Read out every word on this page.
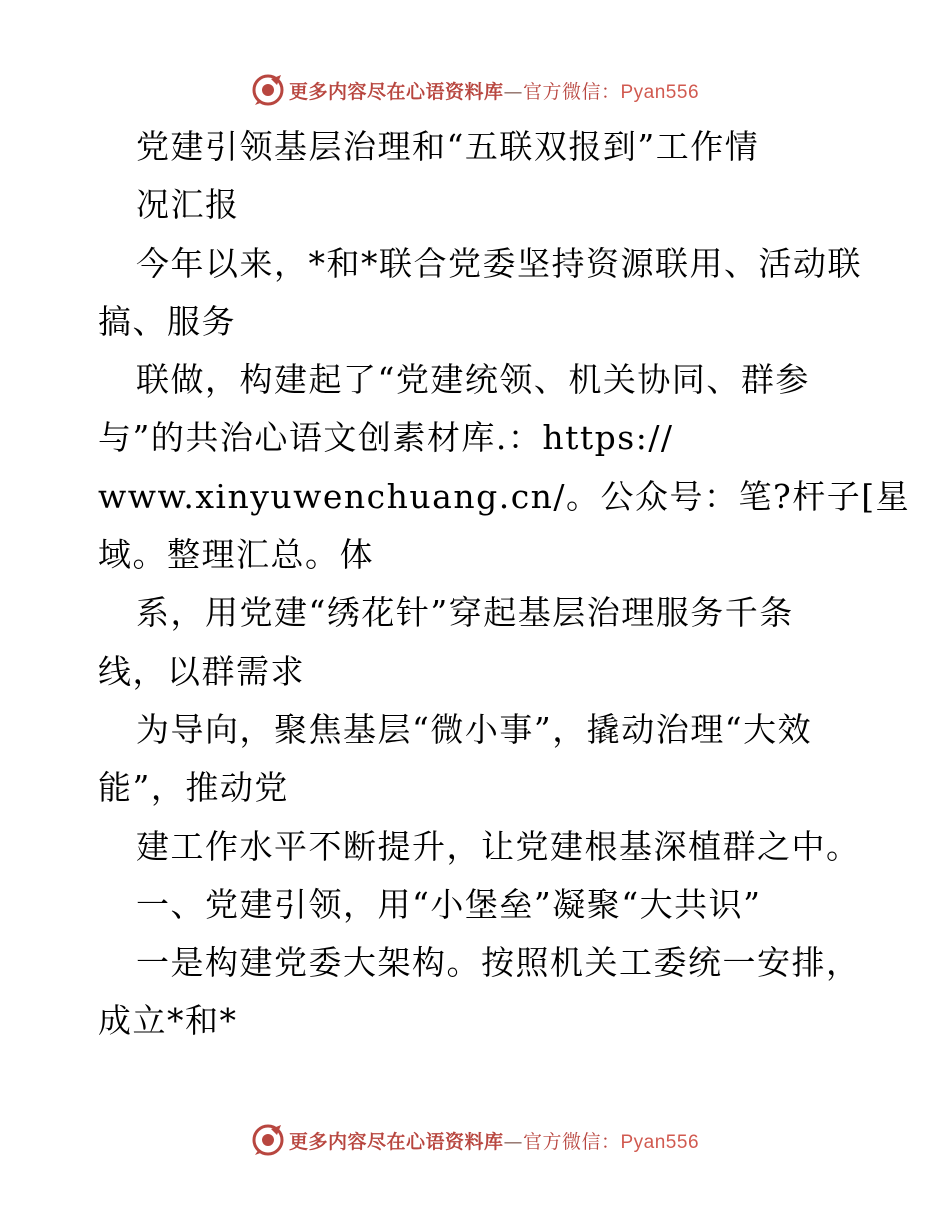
更多内容尽在心语资料库—官方微信：Pyan556
党建引领基层治理和“五联双报到”工作情
况汇报
今年以来，*和*联合党委坚持资源联用、活动联
搞、服务
联做，构建起了“党建统领、机关协同、群参
与”的共治心语文创素材库.：https://
www.xinyuwenchuang.cn/。公众号：笔?杆子[星
域。整理汇总。体
系，用党建“绣花针”穿起基层治理服务千条
线，以群需求
为导向，聚焦基层“微小事”，撬动治理“大效
能”，推动党
建工作水平不断提升，让党建根基深植群之中。
一、党建引领，用“小堡垒”凝聚“大共识”
一是构建党委大架构。按照机关工委统一安排，
成立*和*
更多内容尽在心语资料库—官方微信：Pyan556
